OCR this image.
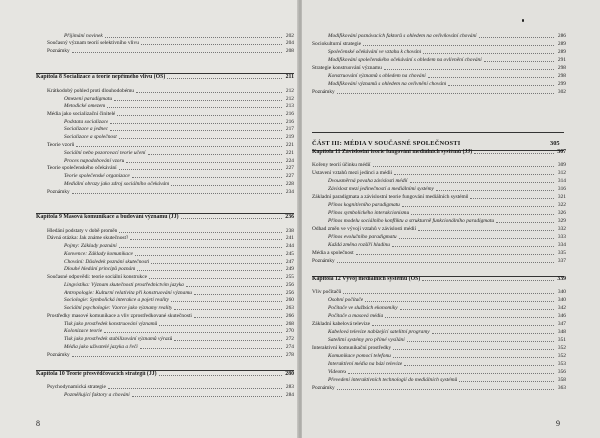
8
ČÁST III: MÉDIA V SOUČASNÉ SPOLEČNOSTI	305
9
Přijímání novinek	202
Současný význam teorií selektivního vlivu	204
Poznámky	208
Kapitola 8 Socializace a teorie nepřímého vlivu (OŠ)	211
Krátkodobý pohled proti dlouhodobému	212
Omezení paradigmatu	212
Metodické omezení	213
Média jako socializační činitelé	216
Podstata socializace	216
Socializace a jednec	217
Socializace a společnost	219
Teorie vzorů	221
Sociální nebo pozorovací teorie učení	221
Proces napodobování vzoru	224
Teorie společenského očekávání	227
Teorie společenské organizace	227
Mediální obrazy jako zdroj sociálního očekávání	228
Poznámky	234
Kapitola 9 Masová komunikace a budování významu (JJ)	236
Hledání podstaty v době proměn	238
Dávná otázka: Jak známe skutečnost?	241
Pojmy: Základy poznání	244
Konvence: Základy komunikace	245
Chování: Důsledek poznání skutečnosti	247
Dlouhé hledání principů poznání	249
Současné odpovědi: teorie sociální konstrukce	255
Lingvistika: Význam skutečnosti prostřednictvím jazyka	256
Antropologie: Kulturní relativita při konstruování významu	256
Sociologie: Symbolická interakce a pojetí reality	260
Sociální psychologie: Vzorce jako významy reality	263
Prostředky masové komunikace a vliv zprostředkované skutečnosti	266
Tisk jako prostředek konstruování významů	268
Kolonizace teorie	270
Tisk jako prostředek stabilizování významů výrazů	272
Média jako uživatelé jazyka a řeči	274
Poznámky	278
Kapitola 10 Teorie přesvědčovacích strategií (JJ)	280
Psychodynamická strategie	283
Pozměňující faktory a chování	284
Modifikování poznávacích faktorů s ohledem na ovlivňování chování	286
Sociokulturní strategie	289
Společenské očekávání ve vztahu k chování	289
Modifikování společenského očekávání s ohledem na ovlivnění chování	291
Strategie konstruování významu	298
Konstruování významů s ohledem na chování	298
Modifikování významů s ohledem na ovlivnění chování	299
Poznámky	302
Kapitola 11 Závislostní teorie fungování mediálních systémů (JJ)	307
Kořeny teorií účinku médií	309
Ustavení vztahů mezi jedinci a médii	312
Dvousměrná povaha závislosti médií	314
Závislost mezi jedinečností a mediálními systémy	316
Základní paradigmata a závislostní teorie fungování mediálních systémů	321
Přínos kognitivního paradigmatu	322
Přínos symbolického interakcionismu	326
Přínos modelu sociálního konfliktu a strukturně funkcionálního paradigmatu	329
Odhad změn ve vývoji vztahů v závislosti médií	332
Přínos evolučního paradigmatu	333
Každá změna rozšíří hladinu	334
Média a společnost	335
Poznámky	337
Kapitola 12 Vývoj mediálních systémů (OŠ)	339
Vliv počítačů	340
Osobní počítače	340
Počítače ve službách ekonomiky	342
Počítače a masová média	346
Základní kabelová televize	347
Kabelová televize nabízející satelitní programy	348
Satelitní systémy pro přímé vysílání	351
Interaktivní komunikační prostředky	352
Komunikace pomocí telefonu	352
Interaktivní média na bázi televize	353
Videotex	356
Převedení interaktivních technologií do mediálních systémů	358
Poznámky	363
